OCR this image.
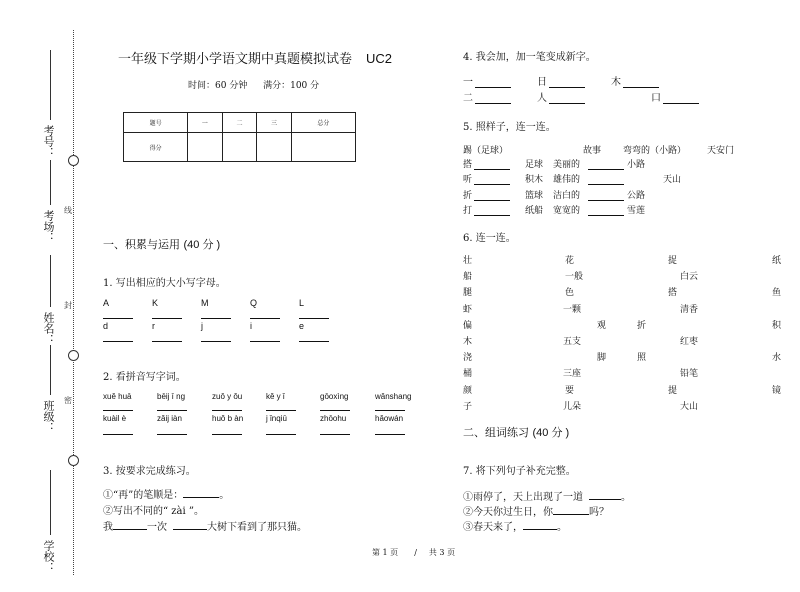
考号：
考场：
姓名：
班级：
学校：
线
封
密
一年级下学期小学语文期中真题模拟试卷 UC2
时间：60 分钟 满分：100 分
题号	一	二	三	总分
得分				
一、积累与运用 (40 分 )
1. 写出相应的大小写字母。
A	K	M	Q	L
d	r	j	i	e
2. 看拼音写字词。
xuě huā	bēij ī ng	zuǒ y ǒu	kě y ǐ	gōoxìng	wǎnshang
kuàil è	zǎij iàn	huǒ b àn	j ǐnqiū	zhōohu	hǎowán
3. 按要求完成练习。
①“再”的笔顺是：	。
②写出不同的“ zài ”。
我	一次	大树下看到了那只猫。
4. 我会加，加一笔变成新字。
一	日	木
二	人	口
5. 照样子，连一连。
踢（足球）	故事 弯弯的（小路） 天安门
搭	足球 美丽的	小路
听	积木 雄伟的	天山
折	篮球 洁白的	公路
打	纸船 宽宽的	雪莲
6. 连一连。
壮	花	捉	纸
船	一般	白云
腿	色	搭	鱼
虾	一颗	清香
偏	观	折	积
木	五支	红枣
浇	脚	照	水
桶	三座	铅笔
颜	要	提	镜
子	儿朵	大山
二、组词练习 (40 分 )
7. 将下列句子补充完整。
①雨停了，天上出现了一道	。
②今天你过生日，你	吗？
③春天来了，	。
第 1 页 / 共 3 页
